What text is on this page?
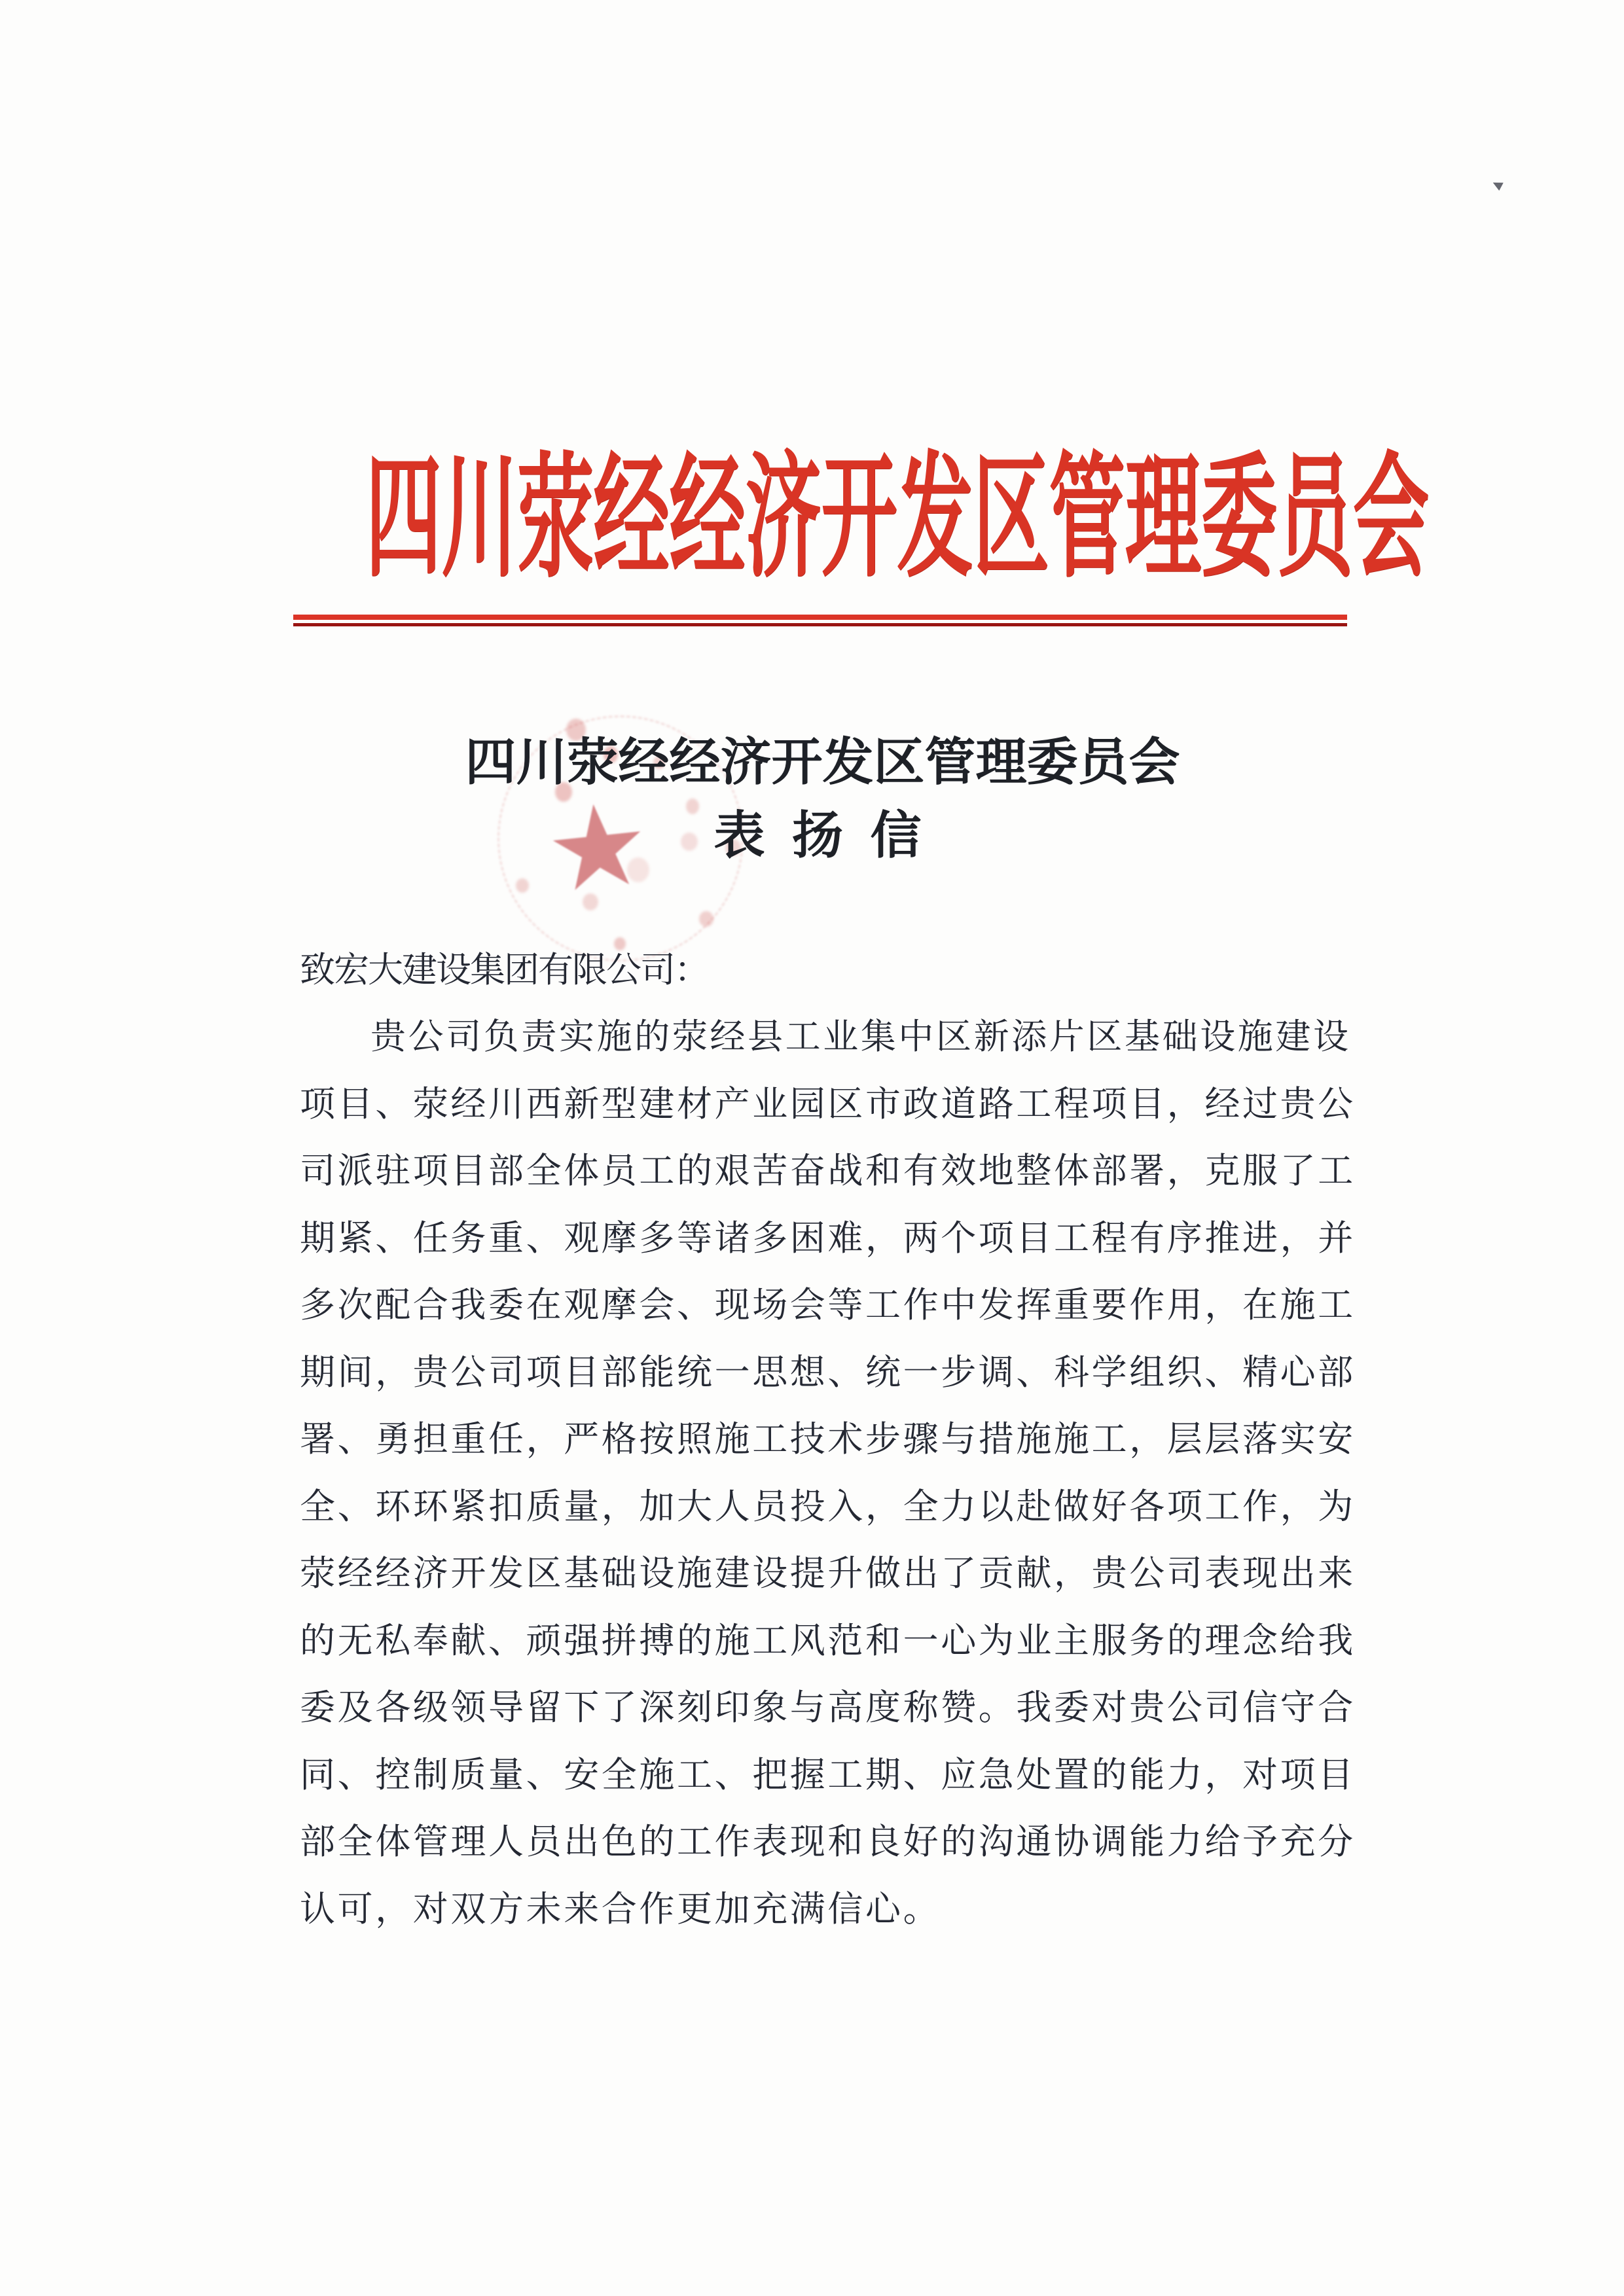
四川荥经经济开发区管理委员会
★
四川荥经经济开发区管理委员会
表 扬 信
致宏大建设集团有限公司：
贵公司负责实施的荥经县工业集中区新添片区基础设施建设
项目、荥经川西新型建材产业园区市政道路工程项目，经过贵公
司派驻项目部全体员工的艰苦奋战和有效地整体部署，克服了工
期紧、任务重、观摩多等诸多困难，两个项目工程有序推进，并
多次配合我委在观摩会、现场会等工作中发挥重要作用，在施工
期间，贵公司项目部能统一思想、统一步调、科学组织、精心部
署、勇担重任，严格按照施工技术步骤与措施施工，层层落实安
全、环环紧扣质量，加大人员投入，全力以赴做好各项工作，为
荥经经济开发区基础设施建设提升做出了贡献，贵公司表现出来
的无私奉献、顽强拼搏的施工风范和一心为业主服务的理念给我
委及各级领导留下了深刻印象与高度称赞。我委对贵公司信守合
同、控制质量、安全施工、把握工期、应急处置的能力，对项目
部全体管理人员出色的工作表现和良好的沟通协调能力给予充分
认可，对双方未来合作更加充满信心。
